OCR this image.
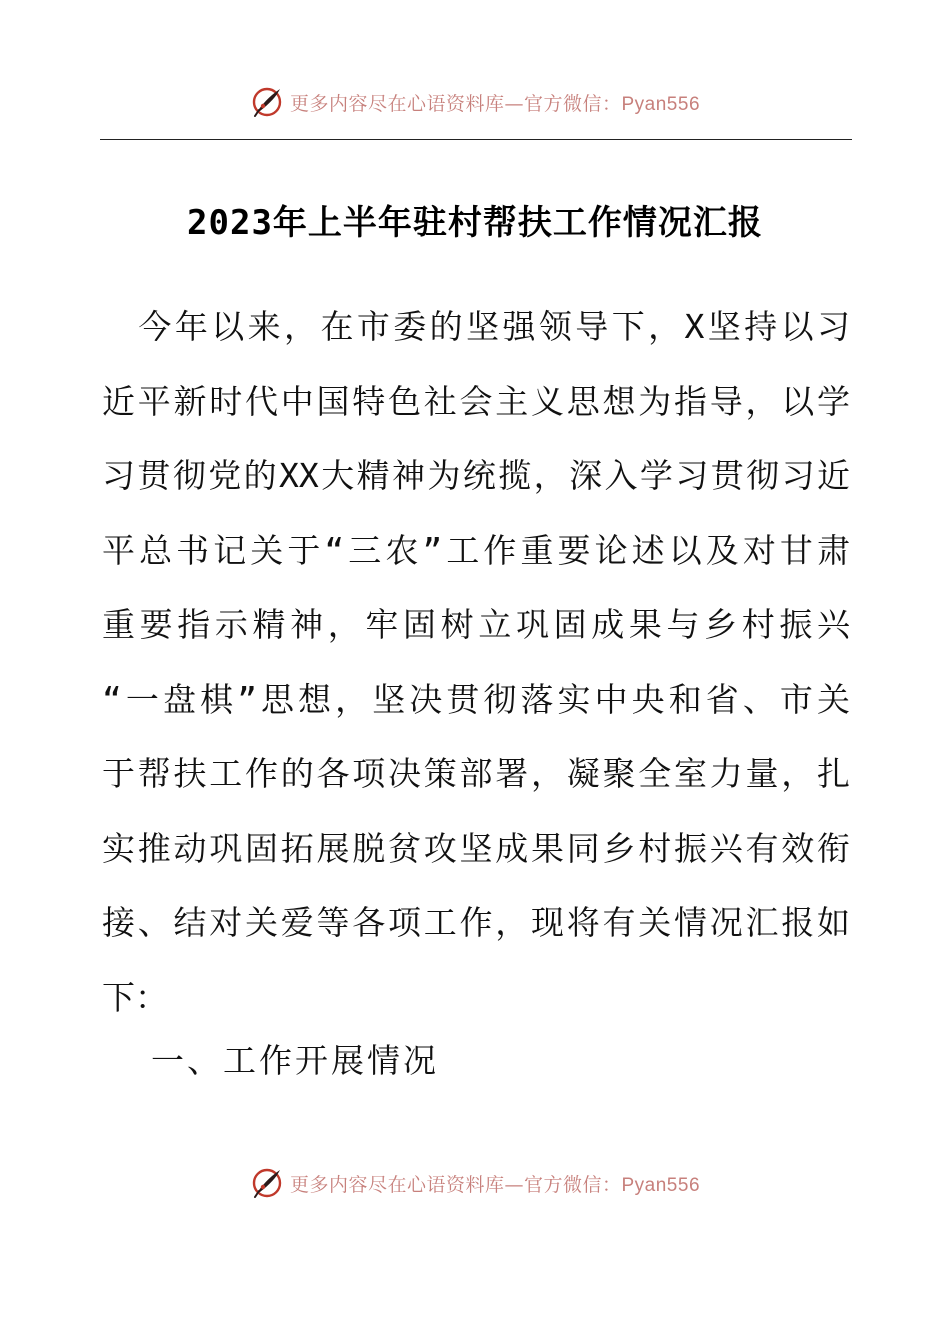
更多内容尽在心语资料库—官方微信：Pyan556
2023年上半年驻村帮扶工作情况汇报
　今年以来，在市委的坚强领导下，X坚持以习
近平新时代中国特色社会主义思想为指导，以学
习贯彻党的XX大精神为统揽，深入学习贯彻习近
平总书记关于“三农”工作重要论述以及对甘肃
重要指示精神，牢固树立巩固成果与乡村振兴
“一盘棋”思想，坚决贯彻落实中央和省、市关
于帮扶工作的各项决策部署，凝聚全室力量，扎
实推动巩固拓展脱贫攻坚成果同乡村振兴有效衔
接、结对关爱等各项工作，现将有关情况汇报如
下：
一、工作开展情况
更多内容尽在心语资料库—官方微信：Pyan556
